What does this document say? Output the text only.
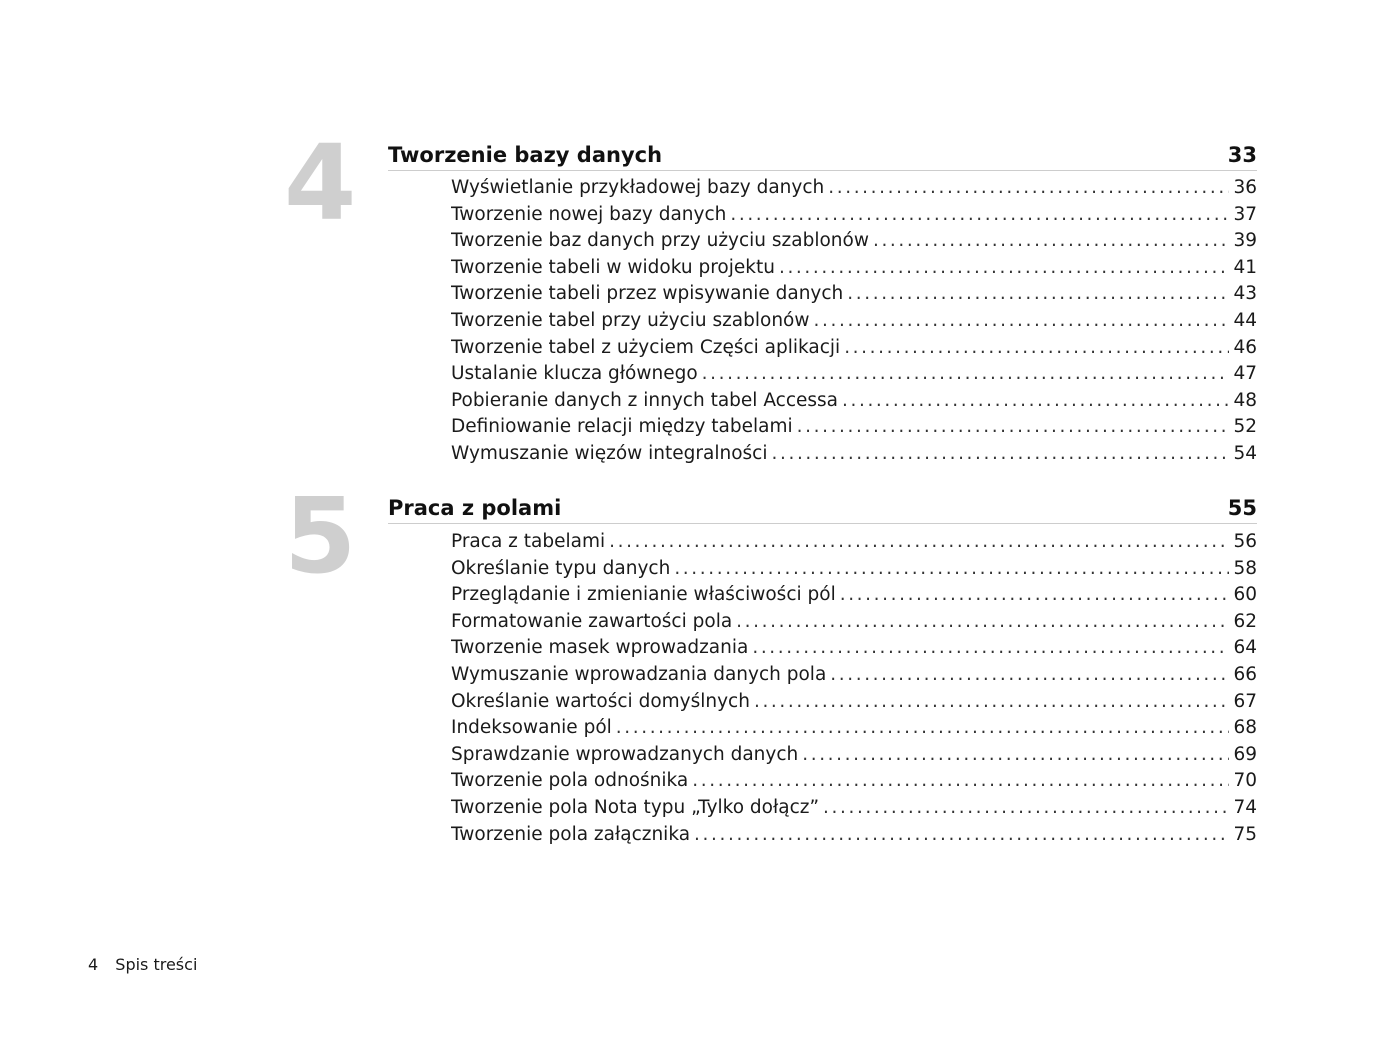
4 Tworzenie bazy danych	33
Wyświetlanie przykładowej bazy danych .....	36
Tworzenie nowej bazy danych .....	37
Tworzenie baz danych przy użyciu szablonów .....	39
Tworzenie tabeli w widoku projektu .....	41
Tworzenie tabeli przez wpisywanie danych .....	43
Tworzenie tabel przy użyciu szablonów .....	44
Tworzenie tabel z użyciem Części aplikacji .....	46
Ustalanie klucza głównego .....	47
Pobieranie danych z innych tabel Accessa .....	48
Definiowanie relacji między tabelami .....	52
Wymuszanie więzów integralności .....	54
5 Praca z polami	55
Praca z tabelami .....	56
Określanie typu danych .....	58
Przeglądanie i zmienianie właściwości pól .....	60
Formatowanie zawartości pola .....	62
Tworzenie masek wprowadzania .....	64
Wymuszanie wprowadzania danych pola .....	66
Określanie wartości domyślnych .....	67
Indeksowanie pól .....	68
Sprawdzanie wprowadzanych danych .....	69
Tworzenie pola odnośnika .....	70
Tworzenie pola Nota typu „Tylko dołącz” .....	74
Tworzenie pola załącznika .....	75
4 Spis treści
